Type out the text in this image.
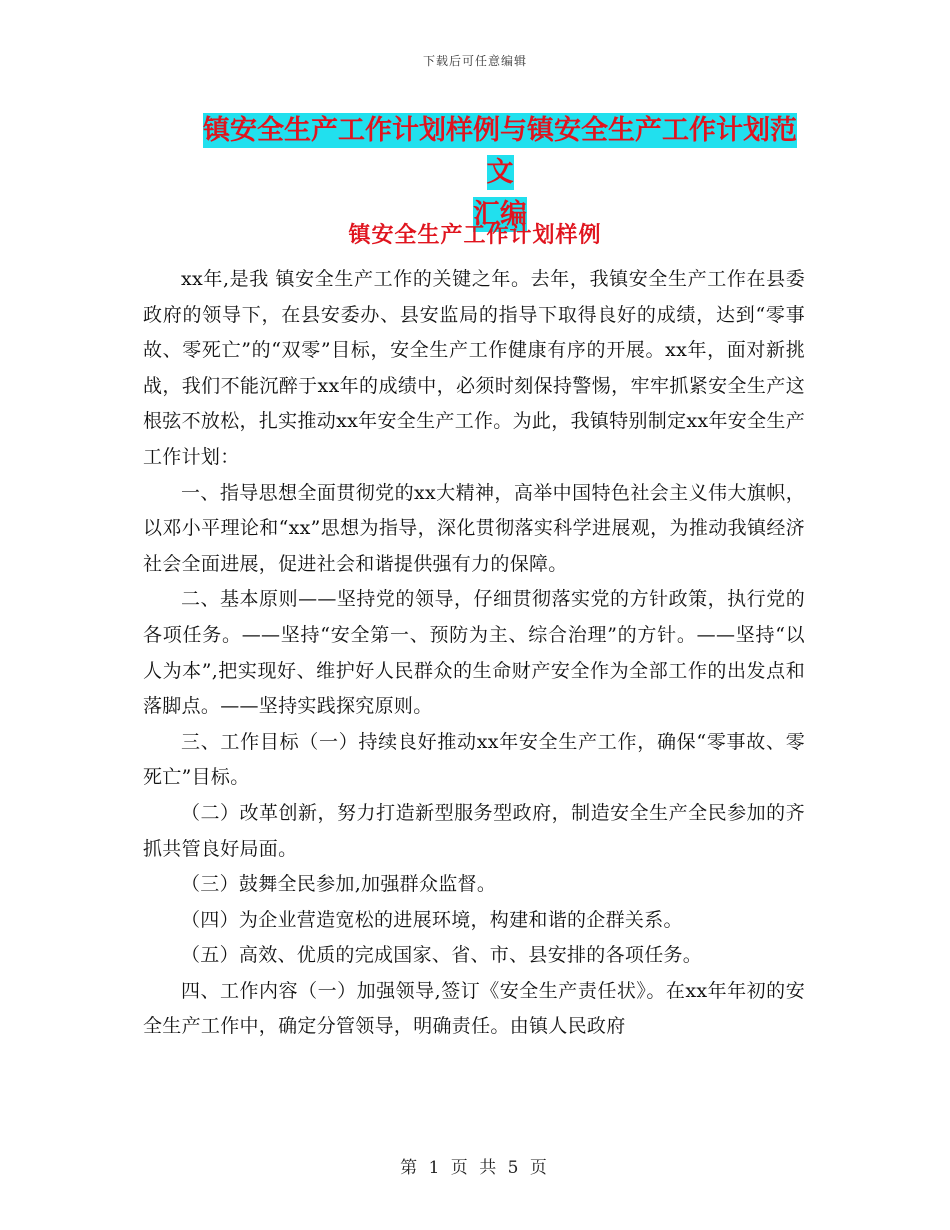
下载后可任意编辑
镇安全生产工作计划样例与镇安全生产工作计划范文
汇编
镇安全生产工作计划样例

xx年,是我 镇安全生产工作的关键之年。去年，我镇安全生产工作在县委政府的领导下，在县安委办、县安监局的指导下取得良好的成绩，达到“零事故、零死亡”的“双零”目标，安全生产工作健康有序的开展。xx年，面对新挑战，我们不能沉醉于xx年的成绩中，必须时刻保持警惕，牢牢抓紧安全生产这根弦不放松，扎实推动xx年安全生产工作。为此，我镇特别制定xx年安全生产工作计划：

一、指导思想全面贯彻党的xx大精神，高举中国特色社会主义伟大旗帜，以邓小平理论和“xx”思想为指导，深化贯彻落实科学进展观，为推动我镇经济社会全面进展，促进社会和谐提供强有力的保障。

二、基本原则——坚持党的领导，仔细贯彻落实党的方针政策，执行党的各项任务。——坚持“安全第一、预防为主、综合治理”的方针。——坚持“以人为本”,把实现好、维护好人民群众的生命财产安全作为全部工作的出发点和落脚点。——坚持实践探究原则。

三、工作目标（一）持续良好推动xx年安全生产工作，确保“零事故、零死亡”目标。

（二）改革创新，努力打造新型服务型政府，制造安全生产全民参加的齐抓共管良好局面。

（三）鼓舞全民参加,加强群众监督。

（四）为企业营造宽松的进展环境，构建和谐的企群关系。

（五）高效、优质的完成国家、省、市、县安排的各项任务。

四、工作内容（一）加强领导,签订《安全生产责任状》。在xx年年初的安全生产工作中，确定分管领导，明确责任。由镇人民政府

第 1 页 共 5 页
